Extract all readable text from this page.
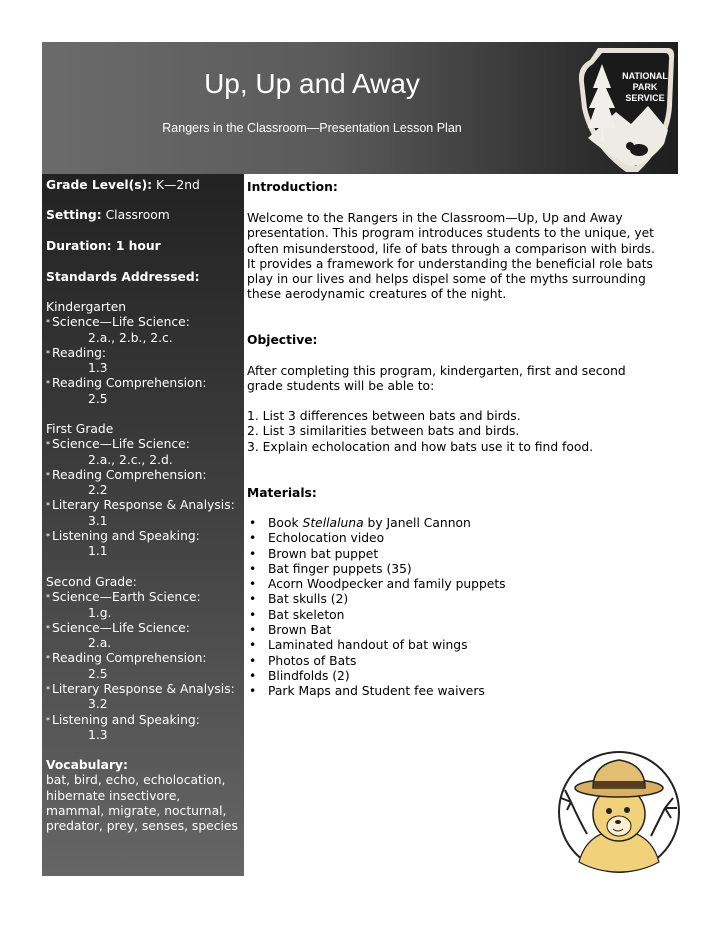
Up, Up and Away
Rangers in the Classroom—Presentation Lesson Plan
NATIONAL
PARK
SERVICE
Grade Level(s): K—2nd
Setting: Classroom
Duration: 1 hour
Standards Addressed:
Kindergarten
* Science—Life Science:
2.a., 2.b., 2.c.
* Reading:
1.3
* Reading Comprehension:
2.5
First Grade
* Science—Life Science:
2.a., 2.c., 2.d.
* Reading Comprehension:
2.2
* Literary Response & Analysis:
3.1
* Listening and Speaking:
1.1
Second Grade:
* Science—Earth Science:
1.g.
* Science—Life Science:
2.a.
* Reading Comprehension:
2.5
* Literary Response & Analysis:
3.2
* Listening and Speaking:
1.3
Vocabulary:
bat, bird, echo, echolocation,
hibernate insectivore,
mammal, migrate, nocturnal,
predator, prey, senses, species
Introduction:
Welcome to the Rangers in the Classroom—Up, Up and Away
presentation. This program introduces students to the unique, yet
often misunderstood, life of bats through a comparison with birds.
It provides a framework for understanding the beneficial role bats
play in our lives and helps dispel some of the myths surrounding
these aerodynamic creatures of the night.
Objective:
After completing this program, kindergarten, first and second
grade students will be able to:
1. List 3 differences between bats and birds.
2. List 3 similarities between bats and birds.
3. Explain echolocation and how bats use it to find food.
Materials:
• Book Stellaluna by Janell Cannon
• Echolocation video
• Brown bat puppet
• Bat finger puppets (35)
• Acorn Woodpecker and family puppets
• Bat skulls (2)
• Bat skeleton
• Brown Bat
• Laminated handout of bat wings
• Photos of Bats
• Blindfolds (2)
• Park Maps and Student fee waivers
